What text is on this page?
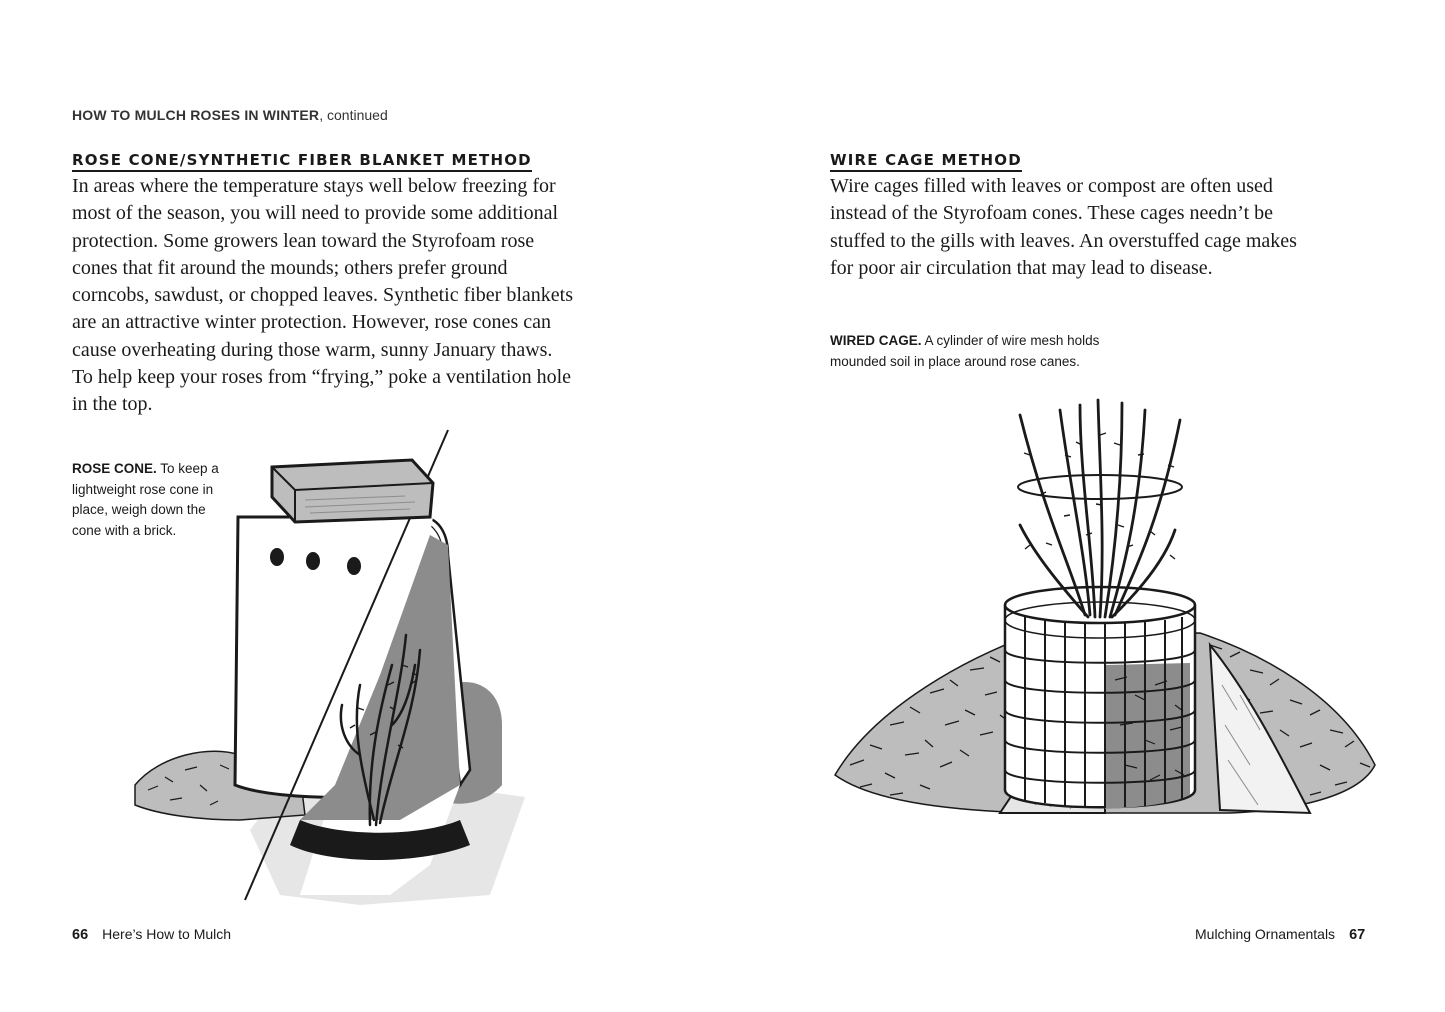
HOW TO MULCH ROSES IN WINTER, continued
ROSE CONE/SYNTHETIC FIBER BLANKET METHOD
In areas where the temperature stays well below freezing for
most of the season, you will need to provide some additional
protection. Some growers lean toward the Styrofoam rose
cones that fit around the mounds; others prefer ground
corncobs, sawdust, or chopped leaves. Synthetic fiber blankets
are an attractive winter protection. However, rose cones can
cause overheating during those warm, sunny January thaws.
To help keep your roses from “frying,” poke a ventilation hole
in the top.
ROSE CONE. To keep a
lightweight rose cone in
place, weigh down the
cone with a brick.
66 Here’s How to Mulch
WIRE CAGE METHOD
Wire cages filled with leaves or compost are often used
instead of the Styrofoam cones. These cages needn’t be
stuffed to the gills with leaves. An overstuffed cage makes
for poor air circulation that may lead to disease.
WIRED CAGE. A cylinder of wire mesh holds
mounded soil in place around rose canes.
Mulching Ornamentals 67
